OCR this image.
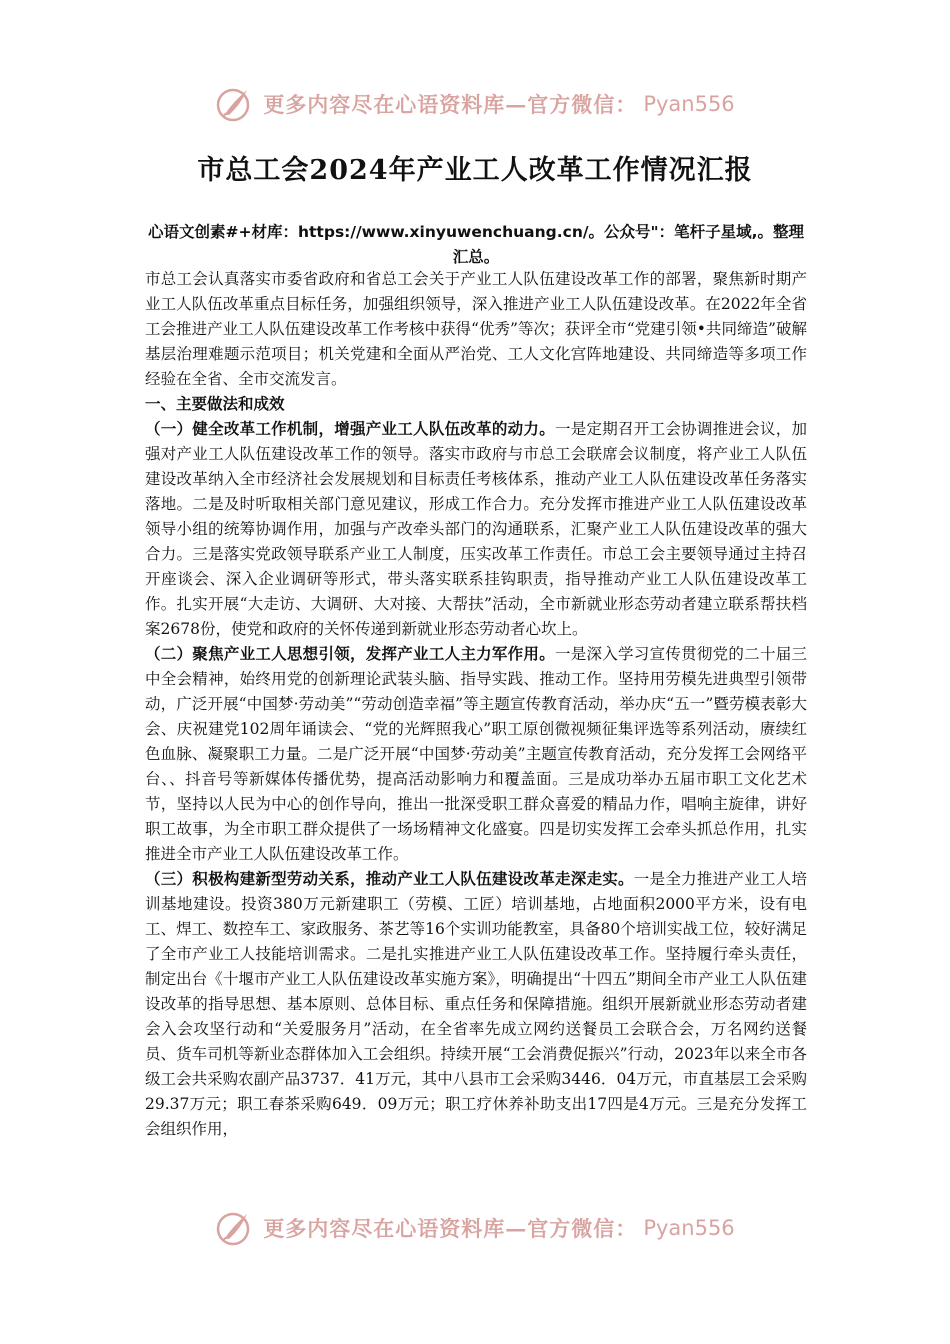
更多内容尽在心语资料库—官方微信： Pyan556
市总工会2024年产业工人改革工作情况汇报
心语文创素#+材库：https://www.xinyuwenchuang.cn/。公众号"：笔杆子星域,。整理汇总。

市总工会认真落实市委省政府和省总工会关于产业工人队伍建设改革工作的部署，聚焦新时期产业工人队伍改革重点目标任务，加强组织领导，深入推进产业工人队伍建设改革。在2022年全省工会推进产业工人队伍建设改革工作考核中获得“优秀”等次；获评全市“党建引领•共同缔造”破解基层治理难题示范项目；机关党建和全面从严治党、工人文化宫阵地建设、共同缔造等多项工作经验在全省、全市交流发言。

一、主要做法和成效

（一）健全改革工作机制，增强产业工人队伍改革的动力。一是定期召开工会协调推进会议，加强对产业工人队伍建设改革工作的领导。落实市政府与市总工会联席会议制度，将产业工人队伍建设改革纳入全市经济社会发展规划和目标责任考核体系，推动产业工人队伍建设改革任务落实落地。二是及时听取相关部门意见建议，形成工作合力。充分发挥市推进产业工人队伍建设改革领导小组的统筹协调作用，加强与产改牵头部门的沟通联系，汇聚产业工人队伍建设改革的强大合力。三是落实党政领导联系产业工人制度，压实改革工作责任。市总工会主要领导通过主持召开座谈会、深入企业调研等形式，带头落实联系挂钩职责，指导推动产业工人队伍建设改革工作。扎实开展“大走访、大调研、大对接、大帮扶”活动，全市新就业形态劳动者建立联系帮扶档案2678份，使党和政府的关怀传递到新就业形态劳动者心坎上。

（二）聚焦产业工人思想引领，发挥产业工人主力军作用。一是深入学习宣传贯彻党的二十届三中全会精神，始终用党的创新理论武装头脑、指导实践、推动工作。坚持用劳模先进典型引领带动，广泛开展“中国梦·劳动美”“劳动创造幸福”等主题宣传教育活动，举办庆“五一”暨劳模表彰大会、庆祝建党102周年诵读会、“党的光辉照我心”职工原创微视频征集评选等系列活动，赓续红色血脉、凝聚职工力量。二是广泛开展“中国梦·劳动美”主题宣传教育活动，充分发挥工会网络平台、、抖音号等新媒体传播优势，提高活动影响力和覆盖面。三是成功举办五届市职工文化艺术节，坚持以人民为中心的创作导向，推出一批深受职工群众喜爱的精品力作，唱响主旋律，讲好职工故事，为全市职工群众提供了一场场精神文化盛宴。四是切实发挥工会牵头抓总作用，扎实推进全市产业工人队伍建设改革工作。

（三）积极构建新型劳动关系，推动产业工人队伍建设改革走深走实。一是全力推进产业工人培训基地建设。投资380万元新建职工（劳模、工匠）培训基地，占地面积2000平方米，设有电工、焊工、数控车工、家政服务、茶艺等16个实训功能教室，具备80个培训实战工位，较好满足了全市产业工人技能培训需求。二是扎实推进产业工人队伍建设改革工作。坚持履行牵头责任，制定出台《十堰市产业工人队伍建设改革实施方案》，明确提出“十四五”期间全市产业工人队伍建设改革的指导思想、基本原则、总体目标、重点任务和保障措施。组织开展新就业形态劳动者建会入会攻坚行动和“关爱服务月”活动，在全省率先成立网约送餐员工会联合会，万名网约送餐员、货车司机等新业态群体加入工会组织。持续开展“工会消费促振兴”行动，2023年以来全市各级工会共采购农副产品3737．41万元，其中八县市工会采购3446．04万元，市直基层工会采购29.37万元；职工春茶采购649．09万元；职工疗休养补助支出17四是4万元。三是充分发挥工会组织作用，

更多内容尽在心语资料库—官方微信： Pyan556
